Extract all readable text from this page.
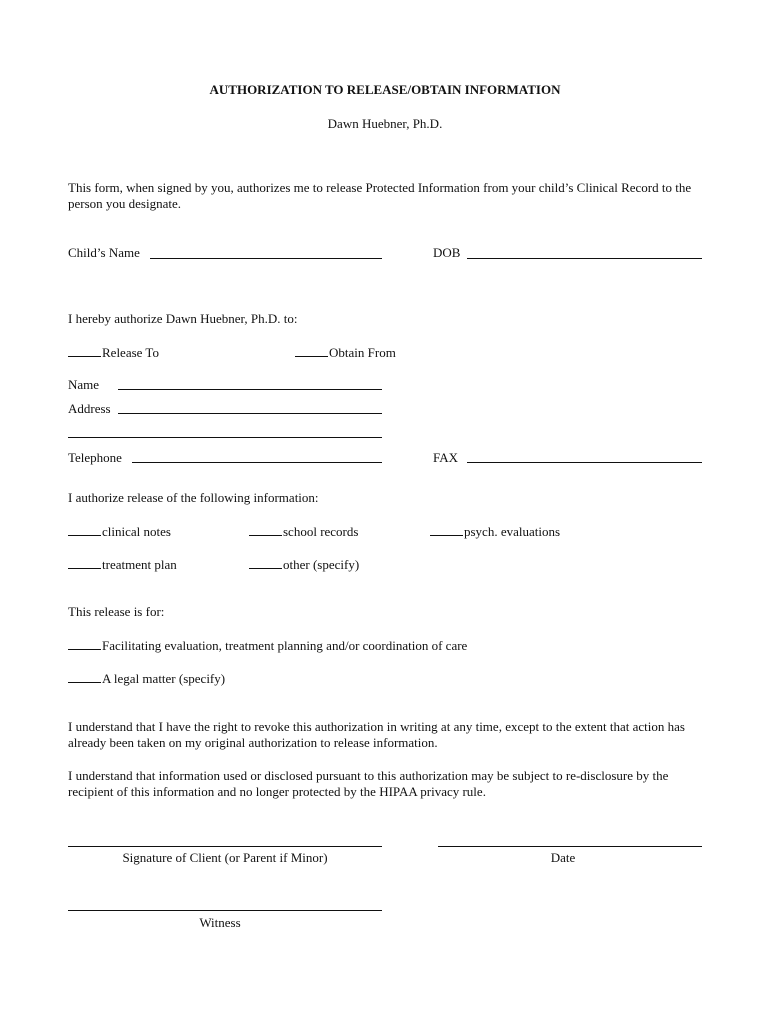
AUTHORIZATION TO RELEASE/OBTAIN INFORMATION
Dawn Huebner, Ph.D.
This form, when signed by you, authorizes me to release Protected Information from your child’s Clinical Record to the person you designate.
Child’s Name	DOB
I hereby authorize Dawn Huebner, Ph.D. to:
Release To	Obtain From
Name
Address
Telephone	FAX
I authorize release of the following information:
clinical notes	school records	psych. evaluations
treatment plan	other (specify)
This release is for:
Facilitating evaluation, treatment planning and/or coordination of care
A legal matter (specify)
I understand that I have the right to revoke this authorization in writing at any time, except to the extent that action has already been taken on my original authorization to release information.
I understand that information used or disclosed pursuant to this authorization may be subject to re-disclosure by the recipient of this information and no longer protected by the HIPAA privacy rule.
Signature of Client (or Parent if Minor)	Date
Witness
